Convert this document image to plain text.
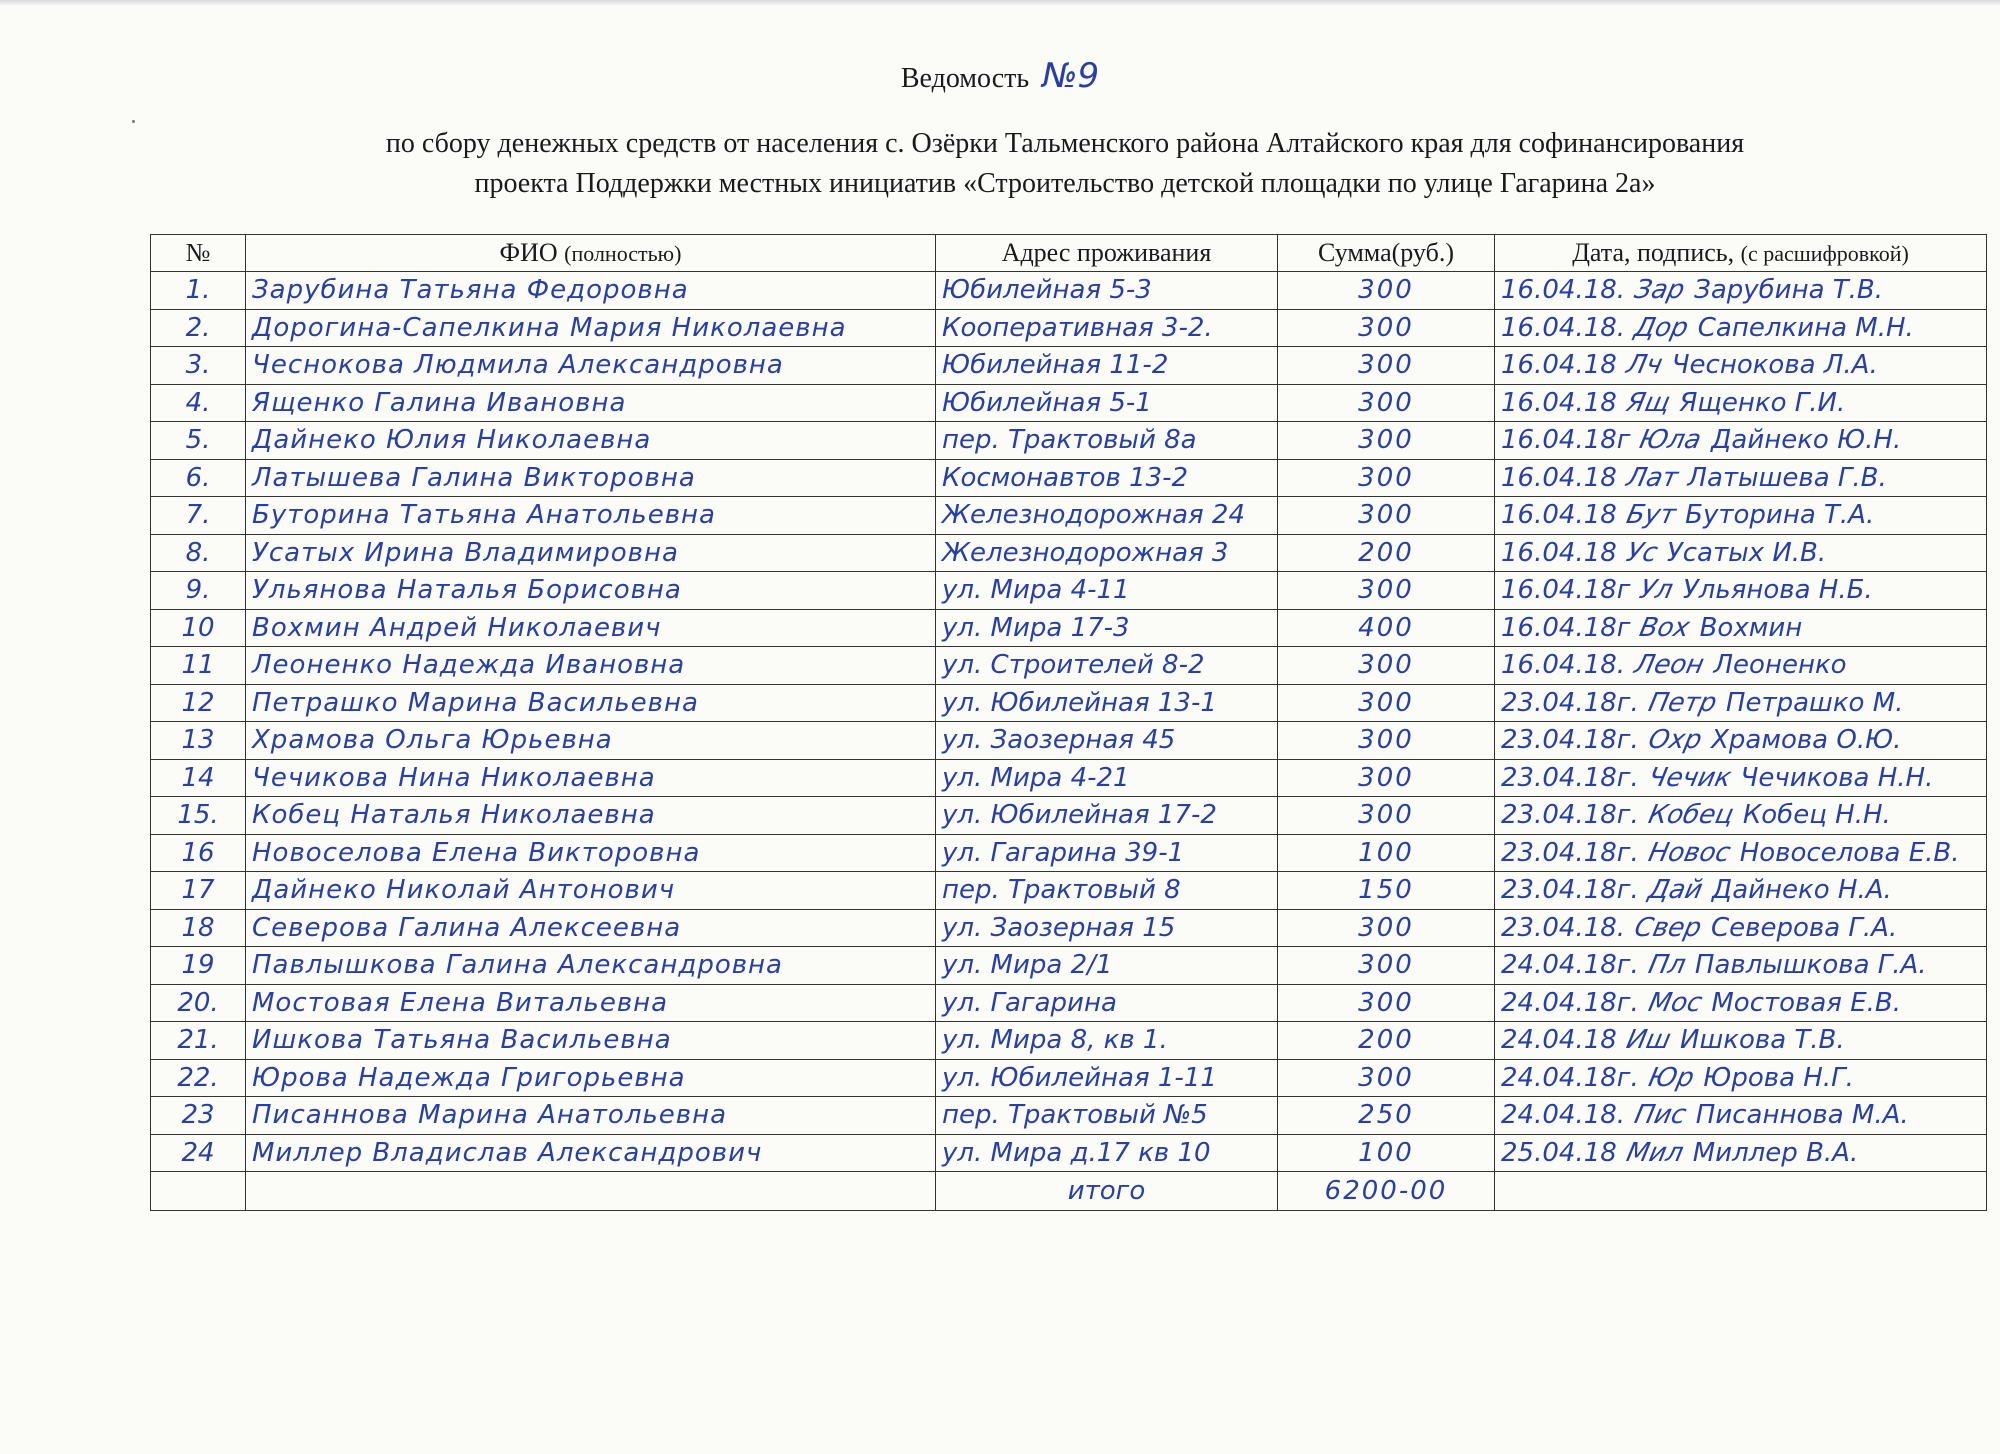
Ведомость №9
по сбору денежных средств от населения с. Озёрки Тальменского района Алтайского края для софинансирования
проекта Поддержки местных инициатив «Строительство детской площадки по улице Гагарина 2а»
№	ФИО (полностью)	Адрес проживания	Сумма(руб.)	Дата, подпись, (с расшифровкой)
1.	Зарубина Татьяна Федоровна	Юбилейная 5-3	300	16.04.18. Зар Зарубина Т.В.
2.	Дорогина-Сапелкина Мария Николаевна	Кооперативная 3-2.	300	16.04.18. Дор Сапелкина М.Н.
3.	Чеснокова Людмила Александровна	Юбилейная 11-2	300	16.04.18 Лч Чеснокова Л.А.
4.	Ященко Галина Ивановна	Юбилейная 5-1	300	16.04.18 Ящ Ященко Г.И.
5.	Дайнеко Юлия Николаевна	пер. Трактовый 8а	300	16.04.18г Юла Дайнеко Ю.Н.
6.	Латышева Галина Викторовна	Космонавтов 13-2	300	16.04.18 Лат Латышева Г.В.
7.	Буторина Татьяна Анатольевна	Железнодорожная 24	300	16.04.18 Бут Буторина Т.А.
8.	Усатых Ирина Владимировна	Железнодорожная 3	200	16.04.18 Ус Усатых И.В.
9.	Ульянова Наталья Борисовна	ул. Мира 4-11	300	16.04.18г Ул Ульянова Н.Б.
10	Вохмин Андрей Николаевич	ул. Мира 17-3	400	16.04.18г Вох Вохмин
11	Леоненко Надежда Ивановна	ул. Строителей 8-2	300	16.04.18. Леон Леоненко
12	Петрашко Марина Васильевна	ул. Юбилейная 13-1	300	23.04.18г. Петр Петрашко М.
13	Храмова Ольга Юрьевна	ул. Заозерная 45	300	23.04.18г. Охр Храмова О.Ю.
14	Чечикова Нина Николаевна	ул. Мира 4-21	300	23.04.18г. Чечик Чечикова Н.Н.
15.	Кобец Наталья Николаевна	ул. Юбилейная 17-2	300	23.04.18г. Кобец Кобец Н.Н.
16	Новоселова Елена Викторовна	ул. Гагарина 39-1	100	23.04.18г. Новос Новоселова Е.В.
17	Дайнеко Николай Антонович	пер. Трактовый 8	150	23.04.18г. Дай Дайнеко Н.А.
18	Северова Галина Алексеевна	ул. Заозерная 15	300	23.04.18. Свер Северова Г.А.
19	Павлышкова Галина Александровна	ул. Мира 2/1	300	24.04.18г. Пл Павлышкова Г.А.
20.	Мостовая Елена Витальевна	ул. Гагарина	300	24.04.18г. Мос Мостовая Е.В.
21.	Ишкова Татьяна Васильевна	ул. Мира 8, кв 1.	200	24.04.18 Иш Ишкова Т.В.
22.	Юрова Надежда Григорьевна	ул. Юбилейная 1-11	300	24.04.18г. Юр Юрова Н.Г.
23	Писаннова Марина Анатольевна	пер. Трактовый №5	250	24.04.18. Пис Писаннова М.А.
24	Миллер Владислав Александрович	ул. Мира д.17 кв 10	100	25.04.18 Мил Миллер В.А.
		итого	6200-00	
